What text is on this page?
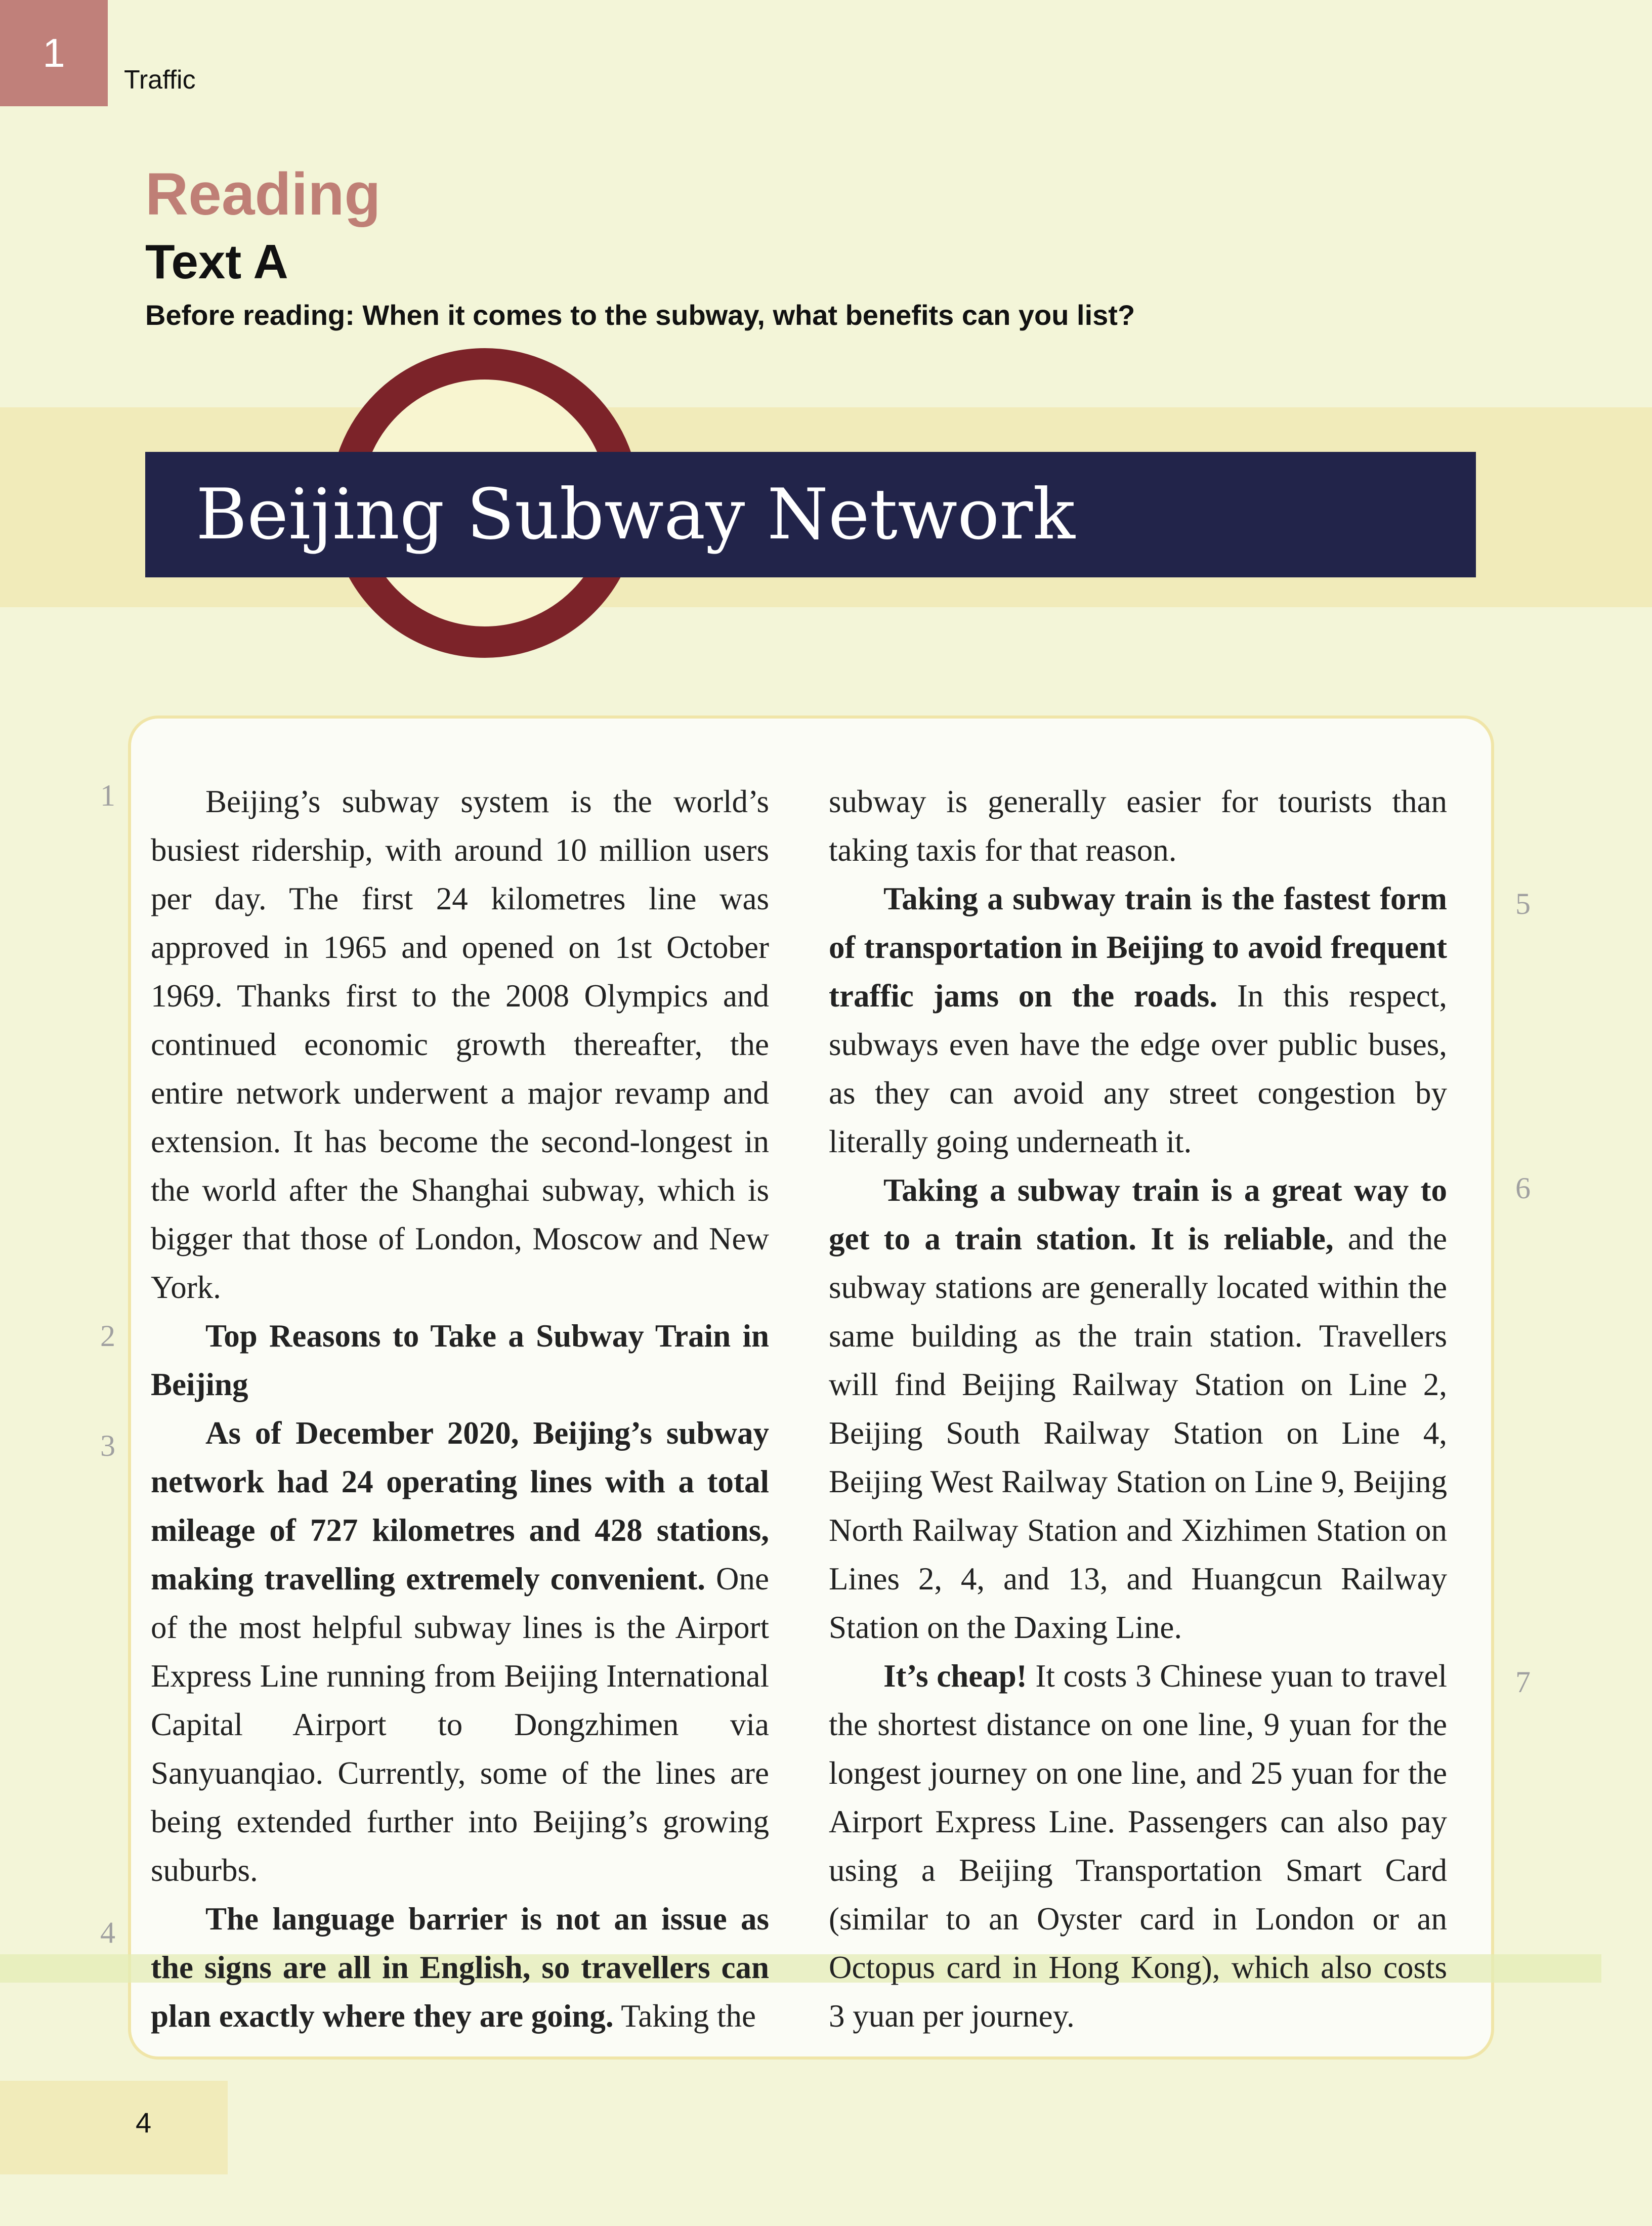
1
Traffic
Reading
Text A
Before reading: When it comes to the subway, what benefits can you list?
Beijing Subway Network

Beijing’s subway system is the world’s busiest ridership, with around 10 million users per day. The first 24 kilometres line was approved in 1965 and opened on 1st October 1969. Thanks first to the 2008 Olympics and continued economic growth thereafter, the entire network underwent a major revamp and extension. It has become the second-longest in the world after the Shanghai subway, which is bigger that those of London, Moscow and New York.

Top Reasons to Take a Subway Train in Beijing

As of December 2020, Beijing’s subway network had 24 operating lines with a total mileage of 727 kilometres and 428 stations, making travelling extremely convenient. One of the most helpful subway lines is the Airport Express Line running from Beijing International Capital Airport to Dongzhimen via Sanyuanqiao. Currently, some of the lines are being extended further into Beijing’s growing suburbs.

The language barrier is not an issue as the signs are all in English, so travellers can plan exactly where they are going. Taking the

subway is generally easier for tourists than taking taxis for that reason.

Taking a subway train is the fastest form of transportation in Beijing to avoid frequent traffic jams on the roads. In this respect, subways even have the edge over public buses, as they can avoid any street congestion by literally going underneath it.

Taking a subway train is a great way to get to a train station. It is reliable, and the subway stations are generally located within the same building as the train station. Travellers will find Beijing Railway Station on Line 2, Beijing South Railway Station on Line 4, Beijing West Railway Station on Line 9, Beijing North Railway Station and Xizhimen Station on Lines 2, 4, and 13, and Huangcun Railway Station on the Daxing Line.

It’s cheap! It costs 3 Chinese yuan to travel the shortest distance on one line, 9 yuan for the longest journey on one line, and 25 yuan for the Airport Express Line. Passengers can also pay using a Beijing Transportation Smart Card (similar to an Oyster card in London or an Octopus card in Hong Kong), which also costs 3 yuan per journey.

1
2
3
4
5
6
7
4
